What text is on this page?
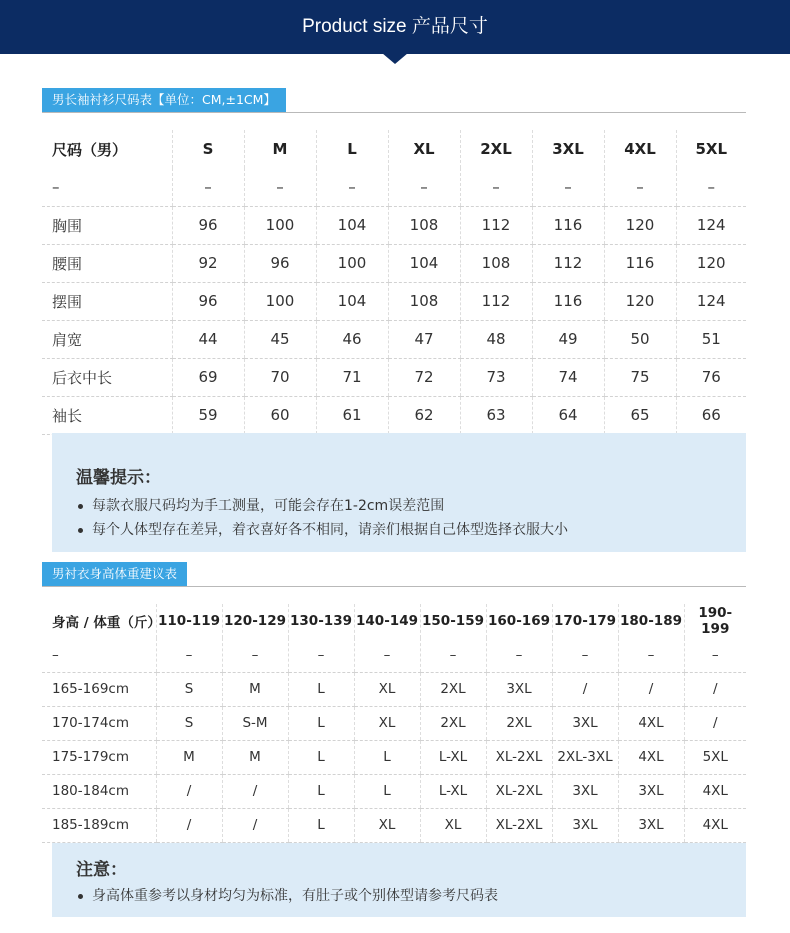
Product size 产品尺寸
男长袖衬衫尺码表【单位：CM,±1CM】
尺码（男）	S	M	L	XL	2XL	3XL	4XL	5XL
–	–	–	–	–	–	–	–	–
胸围	96	100	104	108	112	116	120	124
腰围	92	96	100	104	108	112	116	120
摆围	96	100	104	108	112	116	120	124
肩宽	44	45	46	47	48	49	50	51
后衣中长	69	70	71	72	73	74	75	76
袖长	59	60	61	62	63	64	65	66
温馨提示：
每款衣服尺码均为手工测量，可能会存在1-2cm误差范围
每个人体型存在差异，着衣喜好各不相同，请亲们根据自己体型选择衣服大小
男衬衣身高体重建议表
身高 / 体重（斤）	110-119	120-129	130-139	140-149	150-159	160-169	170-179	180-189	190-199
–	–	–	–	–	–	–	–	–	–
165-169cm	S	M	L	XL	2XL	3XL	/	/	/
170-174cm	S	S-M	L	XL	2XL	2XL	3XL	4XL	/
175-179cm	M	M	L	L	L-XL	XL-2XL	2XL-3XL	4XL	5XL
180-184cm	/	/	L	L	L-XL	XL-2XL	3XL	3XL	4XL
185-189cm	/	/	L	XL	XL	XL-2XL	3XL	3XL	4XL
注意：
身高体重参考以身材均匀为标准，有肚子或个别体型请参考尺码表
